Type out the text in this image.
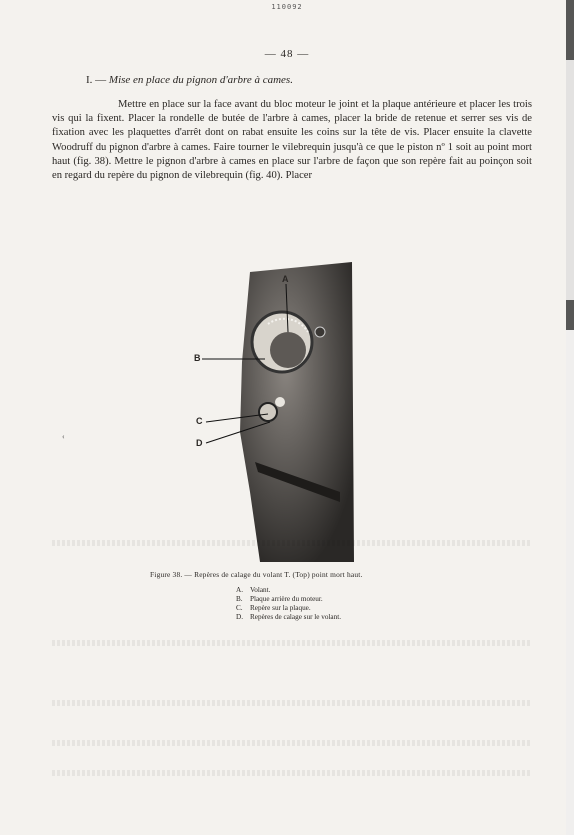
110092
— 48 —
I. — Mise en place du pignon d'arbre à cames.

Mettre en place sur la face avant du bloc moteur le joint et la plaque antérieure et placer les trois vis qui la fixent. Placer la rondelle de butée de l'arbre à cames, placer la bride de retenue et serrer ses vis de fixation avec les plaquettes d'arrêt dont on rabat ensuite les coins sur la tête de vis. Placer ensuite la clavette Woodruff du pignon d'arbre à cames. Faire tourner le vilebrequin jusqu'à ce que le piston nº 1 soit au point mort haut (fig. 38). Mettre le pignon d'arbre à cames en place sur l'arbre de façon que son repère fait au poinçon soit en regard du repère du pignon de vilebrequin (fig. 40). Placer

A
B
C
D
‹
Figure 38. — Repères de calage du volant T. (Top) point mort haut.
A. Volant.
B.	Plaque arrière du moteur.
C.	Repère sur la plaque.
D. Repères de calage sur le volant.
